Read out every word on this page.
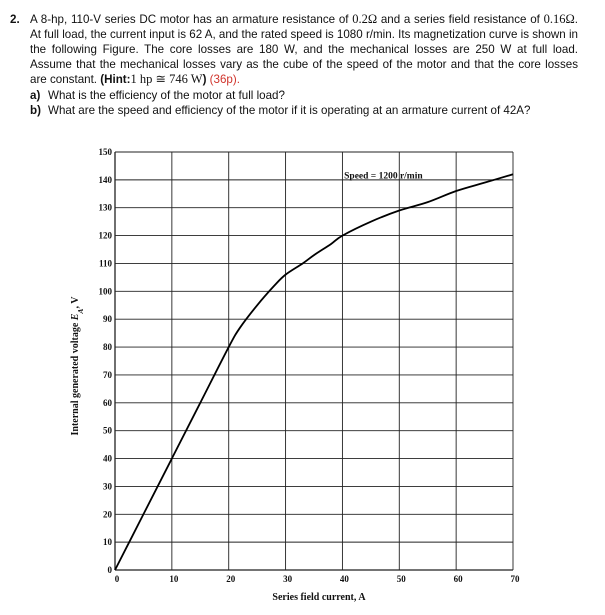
2. A 8-hp, 110-V series DC motor has an armature resistance of 0.2Ω and a series field resistance of 0.16Ω. At full load, the current input is 62 A, and the rated speed is 1080 r/min. Its magnetization curve is shown in the following Figure. The core losses are 180 W, and the mechanical losses are 250 W at full load. Assume that the mechanical losses vary as the cube of the speed of the motor and that the core losses are constant. (Hint:1 hp ≅ 746 W) (36p).
a) What is the efficiency of the motor at full load?
b) What are the speed and efficiency of the motor if it is operating at an armature current of 42A?
0	10	20	30	40	50	60	70
0
10
20
30
40
50
60
70
80
90
100
110
120
130
140
150
Speed = 1200 r/min
Series field current, A
Internal generated voltage $E_A$, V
